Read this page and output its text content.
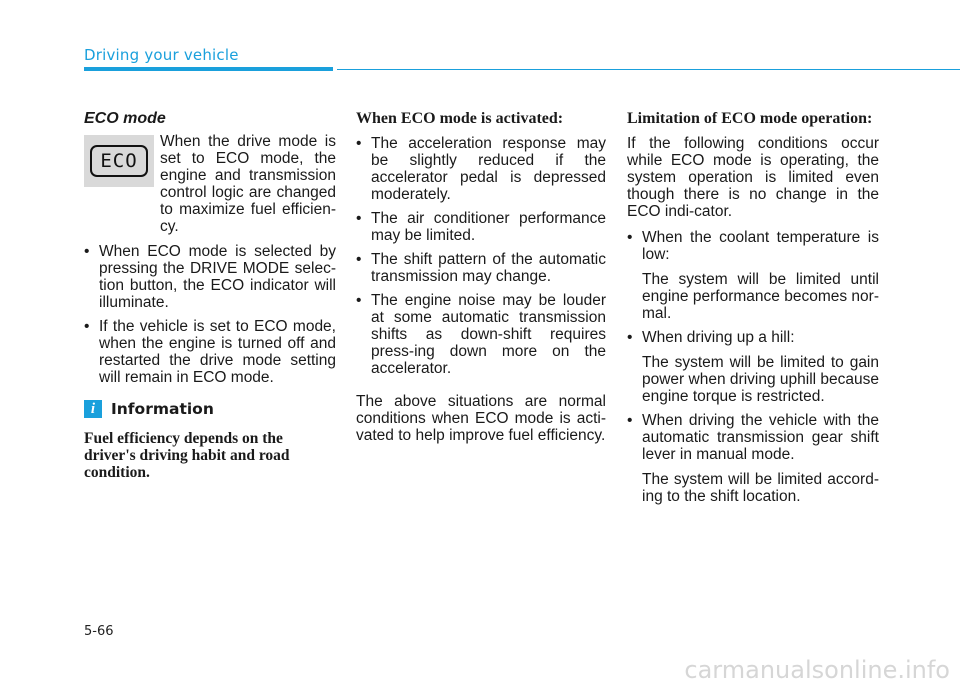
Driving your vehicle
ECO mode
ECO
When the drive mode is set to ECO mode, the engine and transmission control logic are changed to maximize fuel efficien-cy.
• When ECO mode is selected by pressing the DRIVE MODE selec-tion button, the ECO indicator will illuminate.
• If the vehicle is set to ECO mode, when the engine is turned off and restarted the drive mode setting will remain in ECO mode.
i	Information
Fuel efficiency depends on the driver's driving habit and road condition.
When ECO mode is activated:
• The acceleration response may be slightly reduced if the accelerator pedal is depressed moderately.
• The air conditioner performance may be limited.
• The shift pattern of the automatic transmission may change.
• The engine noise may be louder at some automatic transmission shifts as down-shift requires press-ing down more on the accelerator.

The above situations are normal conditions when ECO mode is acti-vated to help improve fuel efficiency.

Limitation of ECO mode operation:

If the following conditions occur while ECO mode is operating, the system operation is limited even though there is no change in the ECO indi-cator.

• When the coolant temperature is low:
The system will be limited until engine performance becomes nor-mal.
• When driving up a hill:
The system will be limited to gain power when driving uphill because engine torque is restricted.
• When driving the vehicle with the automatic transmission gear shift lever in manual mode.
The system will be limited accord-ing to the shift location.
5-66
carmanualsonline.info
